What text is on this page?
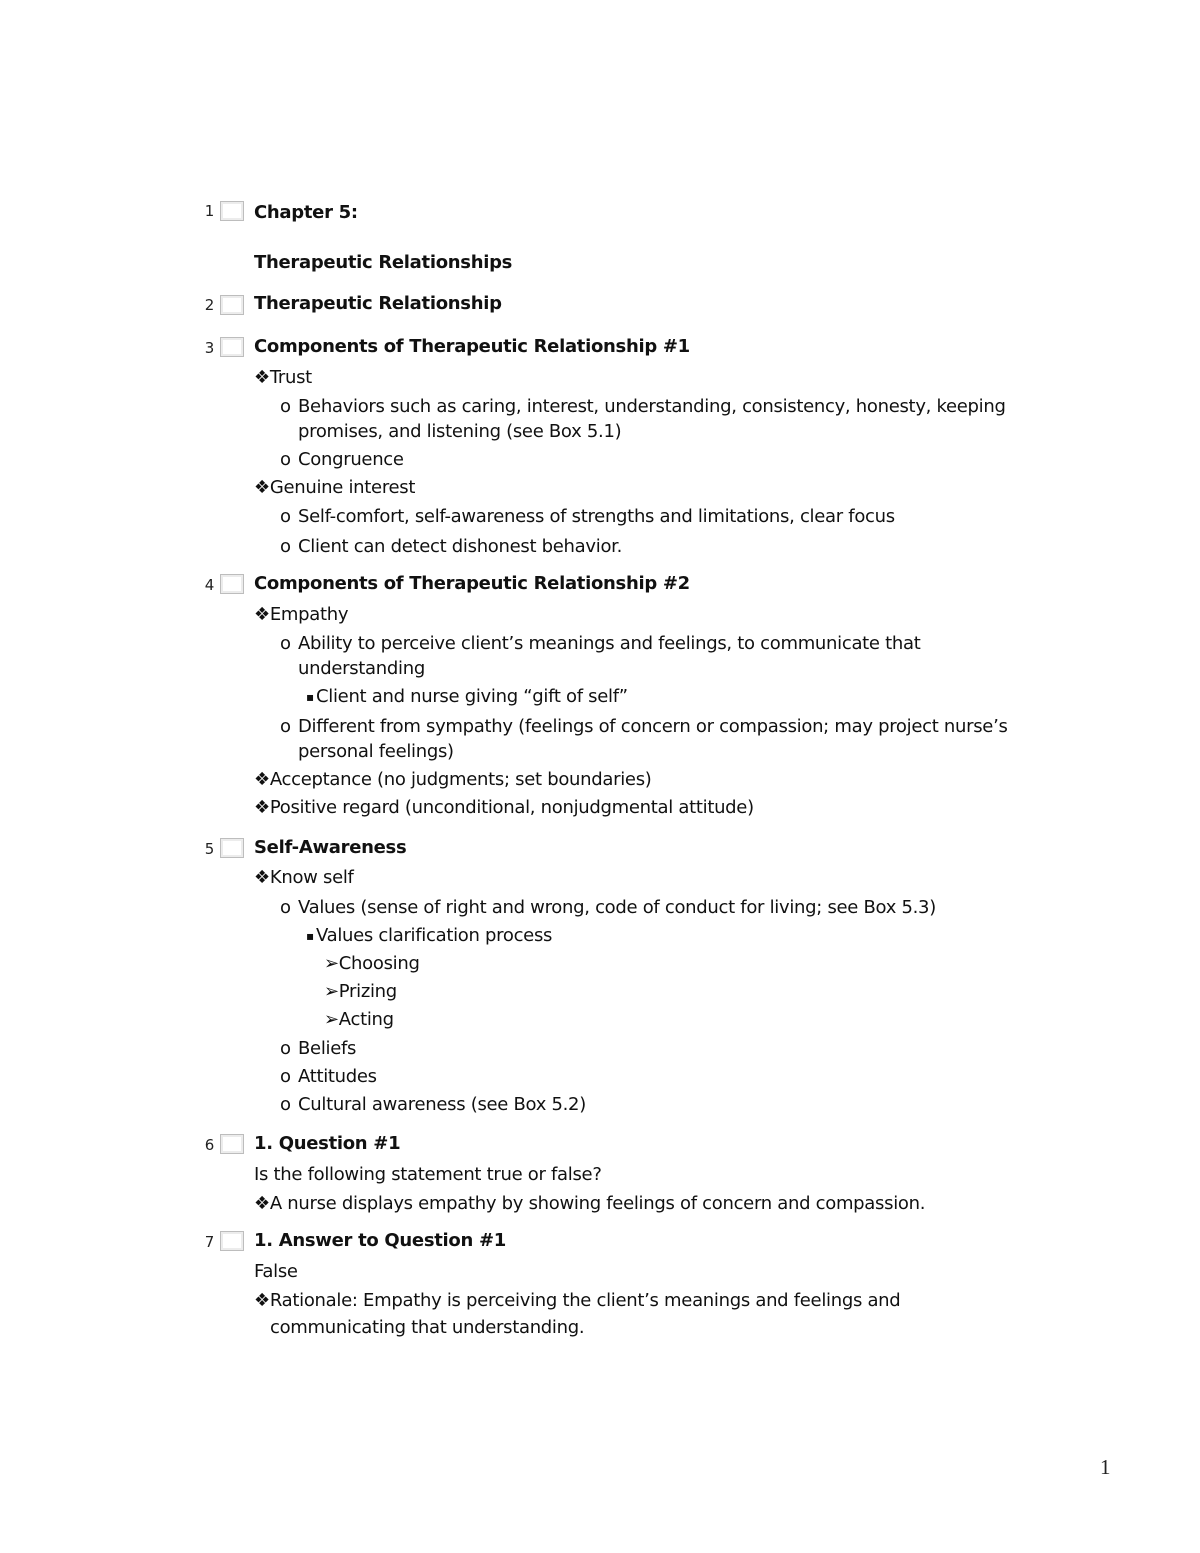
1 Chapter 5:
Therapeutic Relationships
2 Therapeutic Relationship
3 Components of Therapeutic Relationship #1
❖Trust
o Behaviors such as caring, interest, understanding, consistency, honesty, keeping
promises, and listening (see Box 5.1)
o Congruence
❖Genuine interest
o Self-comfort, self-awareness of strengths and limitations, clear focus
o Client can detect dishonest behavior.
4 Components of Therapeutic Relationship #2
❖Empathy
o Ability to perceive client’s meanings and feelings, to communicate that
understanding
▪ Client and nurse giving “gift of self”
o Different from sympathy (feelings of concern or compassion; may project nurse’s
personal feelings)
❖Acceptance (no judgments; set boundaries)
❖Positive regard (unconditional, nonjudgmental attitude)
5 Self-Awareness
❖Know self
o Values (sense of right and wrong, code of conduct for living; see Box 5.3)
▪ Values clarification process
➢Choosing
➢Prizing
➢Acting
o Beliefs
o Attitudes
o Cultural awareness (see Box 5.2)
6 1. Question #1
Is the following statement true or false?
❖A nurse displays empathy by showing feelings of concern and compassion.
7 1. Answer to Question #1
False
❖Rationale: Empathy is perceiving the client’s meanings and feelings and
communicating that understanding.
1
